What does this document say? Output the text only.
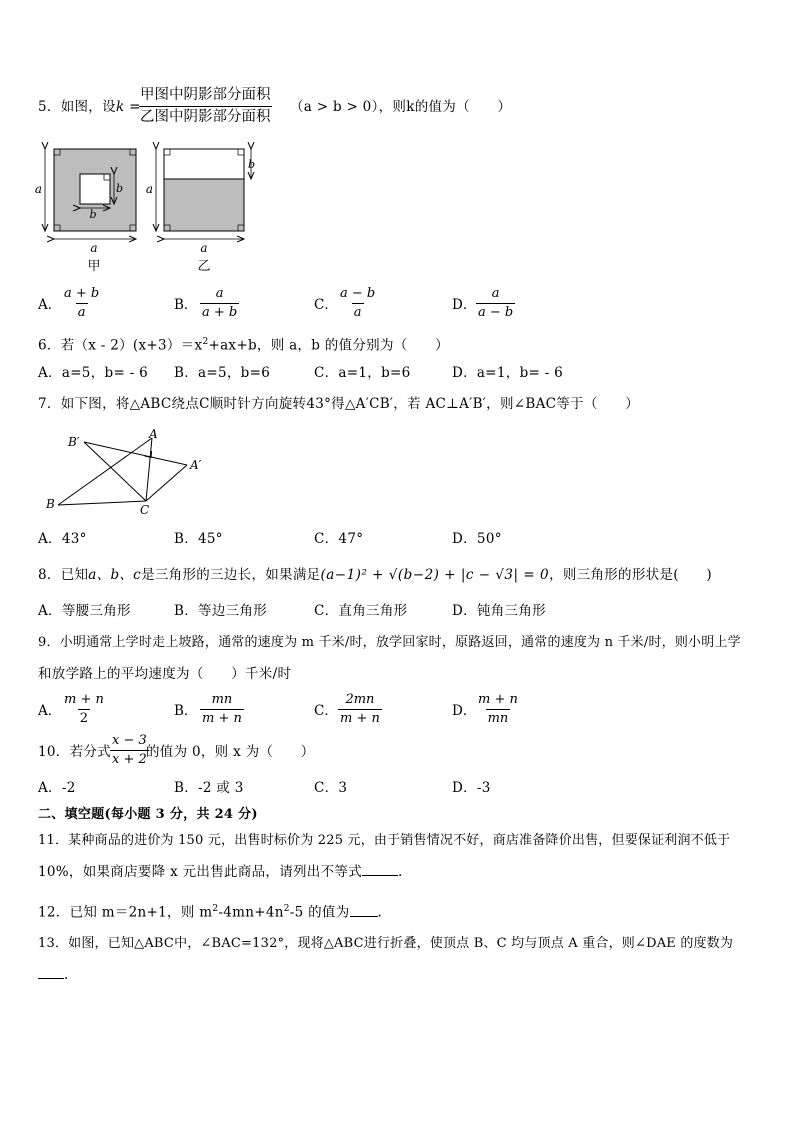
5．如图，设 k =
甲图中阴影部分面积
乙图中阴影部分面积
（a > b > 0），则k的值为（　　）
a
a
b
b
a
a
b
甲	乙
A． $\frac{a + b}{a}$	B． $\frac{a}{a + b}$	C． $\frac{a - b}{a}$	D． $\frac{a}{a - b}$
6．若$(x - 2)(x+3)=x^2+ax+b$，则 a，b 的值分别为（　　）
A．a=5，b= - 6 B．a=5，b=6	C．a=1，b=6	D．a=1，b= - 6
7．如下图，将△ABC绕点C顺时针方向旋转43°得△A′CB′，若 AC⊥A′B′，则∠BAC等于（　　）
B′
A
A′
B	C
A．43°	B．45°	C．47°	D．50°
8．已知a、b、c是三角形的三边长，如果满足(a−1)² + √(b−2) + |c − √3| = 0，则三角形的形状是(　　)
A．等腰三角形	B．等边三角形	C．直角三角形	D．钝角三角形
9．小明通常上学时走上坡路，通常的速度为 m 千米/时，放学回家时，原路返回，通常的速度为 n 千米/时，则小明上学
和放学路上的平均速度为（　　）千米/时
A． $\frac{m + n}{2}$	B． $\frac{mn}{m + n}$	C． $\frac{2mn}{m + n}$	D． $\frac{m + n}{mn}$
10．若分式 $\frac{x - 3}{x + 2}$
的值为 0，则 x 为（　　）
A．-2	B．-2 或 3	C．3	D．-3
二、填空题(每小题 3 分，共 24 分)
11．某种商品的进价为 150 元，出售时标价为 225 元，由于销售情况不好，商店准备降价出售，但要保证利润不低于
10%，如果商店要降 x 元出售此商品，请列出不等式	.
12．已知 m＝2n+1，则 $m^2-4mn+4n^2-5$ 的值为 .
13．如图，已知△ABC中，∠BAC=132°，现将△ABC进行折叠，使顶点 B、C 均与顶点 A 重合，则∠DAE 的度数为
.
